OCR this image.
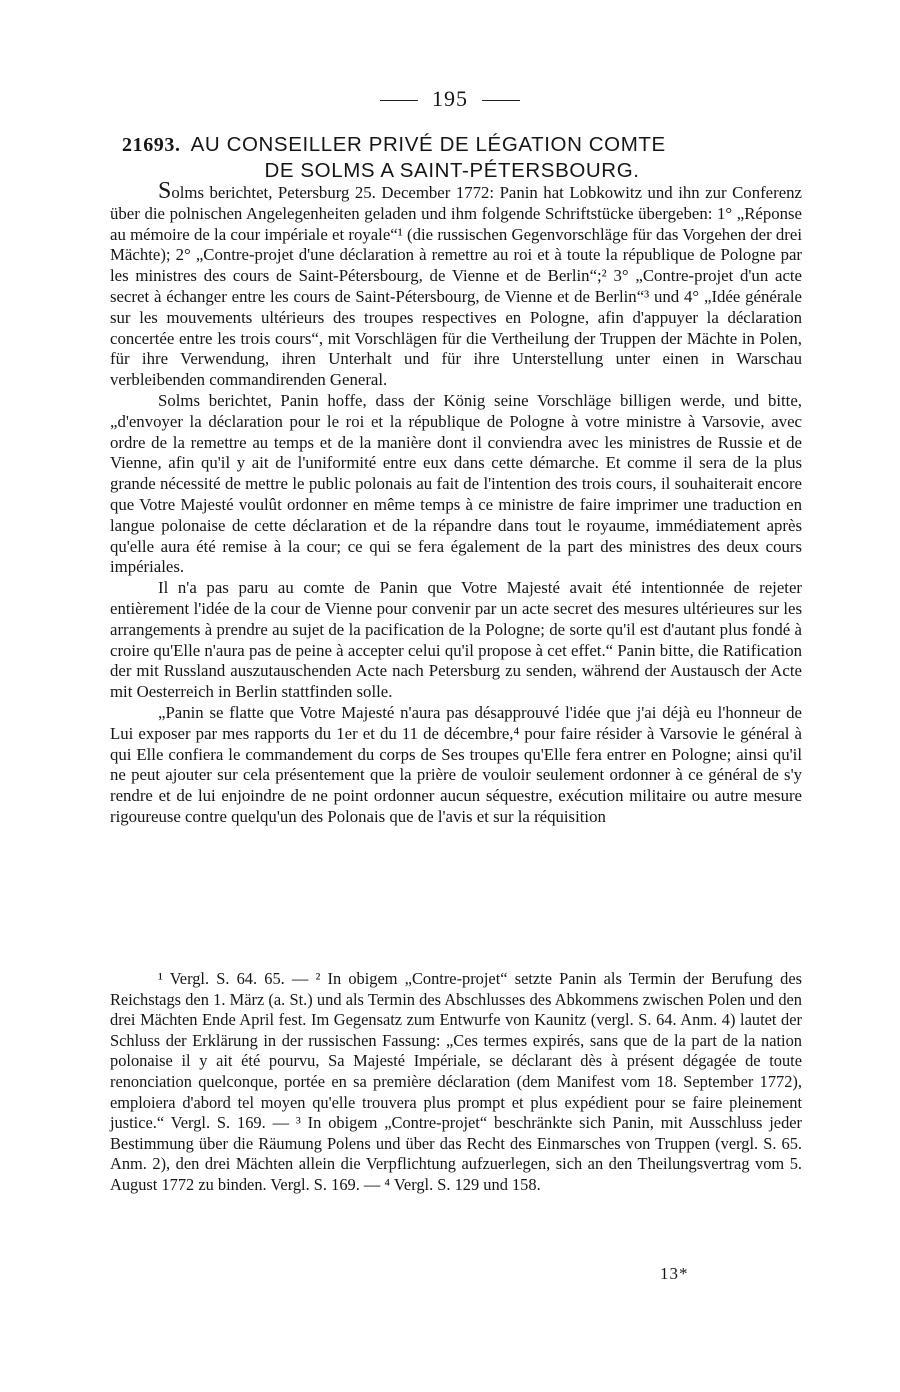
195
21693. AU CONSEILLER PRIVÉ DE LÉGATION COMTE
DE SOLMS A SAINT-PÉTERSBOURG.

Solms berichtet, Petersburg 25. December 1772: Panin hat Lobkowitz und ihn zur Conferenz über die polnischen Angelegenheiten geladen und ihm folgende Schriftstücke übergeben: 1° „Réponse au mémoire de la cour impériale et royale“¹ (die russischen Gegenvorschläge für das Vorgehen der drei Mächte); 2° „Contre-projet d'une déclaration à remettre au roi et à toute la république de Pologne par les ministres des cours de Saint-Pétersbourg, de Vienne et de Berlin“;² 3° „Contre-projet d'un acte secret à échanger entre les cours de Saint-Pétersbourg, de Vienne et de Berlin“³ und 4° „Idée générale sur les mouvements ultérieurs des troupes respectives en Pologne, afin d'appuyer la déclaration concertée entre les trois cours“, mit Vorschlägen für die Vertheilung der Truppen der Mächte in Polen, für ihre Verwendung, ihren Unterhalt und für ihre Unterstellung unter einen in Warschau verbleibenden commandirenden General.

Solms berichtet, Panin hoffe, dass der König seine Vorschläge billigen werde, und bitte, „d'envoyer la déclaration pour le roi et la république de Pologne à votre ministre à Varsovie, avec ordre de la remettre au temps et de la manière dont il conviendra avec les ministres de Russie et de Vienne, afin qu'il y ait de l'uniformité entre eux dans cette démarche. Et comme il sera de la plus grande nécessité de mettre le public polonais au fait de l'intention des trois cours, il souhaiterait encore que Votre Majesté voulût ordonner en même temps à ce ministre de faire imprimer une traduction en langue polonaise de cette déclaration et de la répandre dans tout le royaume, immédiatement après qu'elle aura été remise à la cour; ce qui se fera également de la part des ministres des deux cours impériales.

Il n'a pas paru au comte de Panin que Votre Majesté avait été intentionnée de rejeter entièrement l'idée de la cour de Vienne pour convenir par un acte secret des mesures ultérieures sur les arrangements à prendre au sujet de la pacification de la Pologne; de sorte qu'il est d'autant plus fondé à croire qu'Elle n'aura pas de peine à accepter celui qu'il propose à cet effet.“ Panin bitte, die Ratification der mit Russland auszutauschenden Acte nach Petersburg zu senden, während der Austausch der Acte mit Oesterreich in Berlin stattfinden solle.

„Panin se flatte que Votre Majesté n'aura pas désapprouvé l'idée que j'ai déjà eu l'honneur de Lui exposer par mes rapports du 1er et du 11 de décembre,⁴ pour faire résider à Varsovie le général à qui Elle confiera le commandement du corps de Ses troupes qu'Elle fera entrer en Pologne; ainsi qu'il ne peut ajouter sur cela présentement que la prière de vouloir seulement ordonner à ce général de s'y rendre et de lui enjoindre de ne point ordonner aucun séquestre, exécution militaire ou autre mesure rigoureuse contre quelqu'un des Polonais que de l'avis et sur la réquisition

¹ Vergl. S. 64. 65. — ² In obigem „Contre-projet“ setzte Panin als Termin der Berufung des Reichstags den 1. März (a. St.) und als Termin des Abschlusses des Abkommens zwischen Polen und den drei Mächten Ende April fest. Im Gegensatz zum Entwurfe von Kaunitz (vergl. S. 64. Anm. 4) lautet der Schluss der Erklärung in der russischen Fassung: „Ces termes expirés, sans que de la part de la nation polonaise il y ait été pourvu, Sa Majesté Impériale, se déclarant dès à présent dégagée de toute renonciation quelconque, portée en sa première déclaration (dem Manifest vom 18. September 1772), emploiera d'abord tel moyen qu'elle trouvera plus prompt et plus expédient pour se faire pleinement justice.“ Vergl. S. 169. — ³ In obigem „Contre-projet“ beschränkte sich Panin, mit Ausschluss jeder Bestimmung über die Räumung Polens und über das Recht des Einmarsches von Truppen (vergl. S. 65. Anm. 2), den drei Mächten allein die Verpflichtung aufzuerlegen, sich an den Theilungsvertrag vom 5. August 1772 zu binden. Vergl. S. 169. — ⁴ Vergl. S. 129 und 158.

13*
